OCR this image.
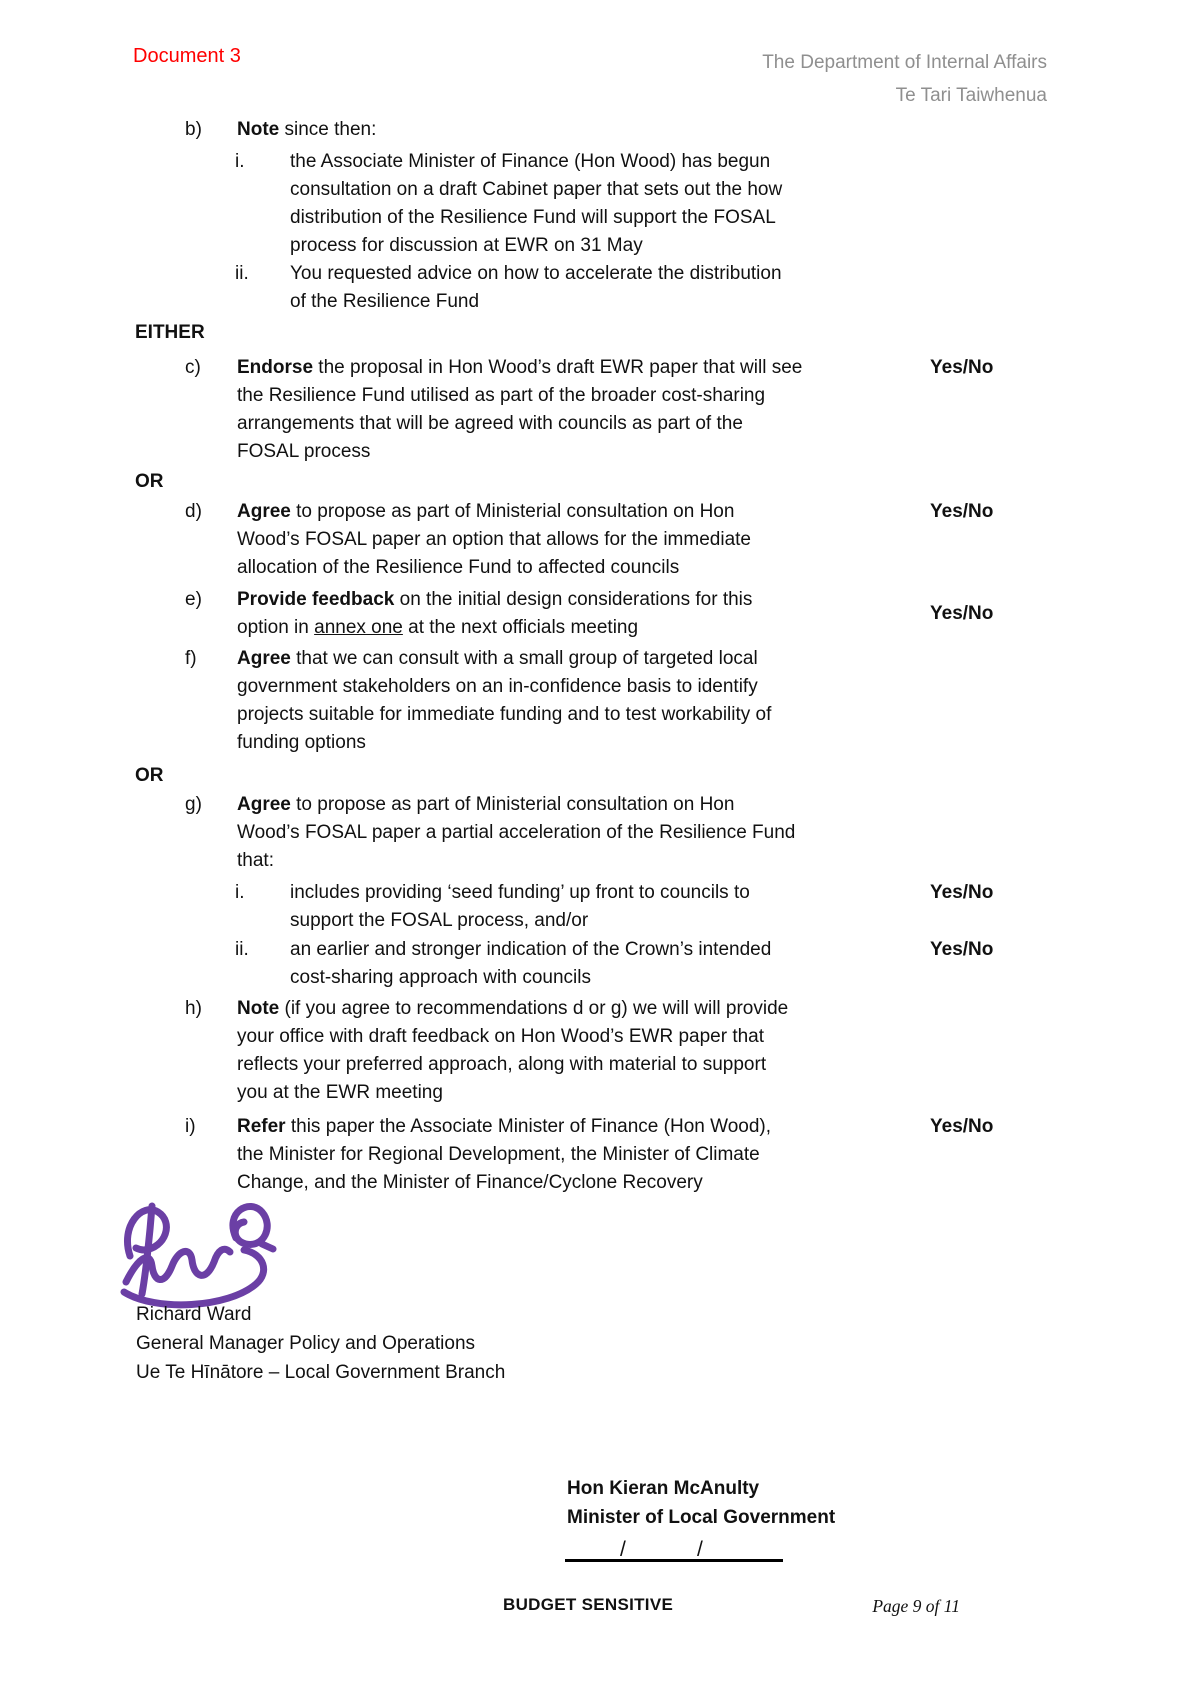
Document 3	The Department of Internal Affairs
Te Tari Taiwhenua
b) Note since then:
i. the Associate Minister of Finance (Hon Wood) has begun
consultation on a draft Cabinet paper that sets out the how
distribution of the Resilience Fund will support the FOSAL
process for discussion at EWR on 31 May
ii. You requested advice on how to accelerate the distribution
of the Resilience Fund
EITHER
c) Endorse the proposal in Hon Wood’s draft EWR paper that will see
the Resilience Fund utilised as part of the broader cost-sharing
arrangements that will be agreed with councils as part of the
FOSAL process
Yes/No
OR
d) Agree to propose as part of Ministerial consultation on Hon
Wood’s FOSAL paper an option that allows for the immediate
allocation of the Resilience Fund to affected councils
Yes/No
e) Provide feedback on the initial design considerations for this
option in annex one at the next officials meeting
Yes/No
f) Agree that we can consult with a small group of targeted local
government stakeholders on an in-confidence basis to identify
projects suitable for immediate funding and to test workability of
funding options
OR
g) Agree to propose as part of Ministerial consultation on Hon
Wood’s FOSAL paper a partial acceleration of the Resilience Fund
that:
i. includes providing ‘seed funding’ up front to councils to
support the FOSAL process, and/or
Yes/No
ii. an earlier and stronger indication of the Crown’s intended
cost-sharing approach with councils
Yes/No
h) Note (if you agree to recommendations d or g) we will will provide
your office with draft feedback on Hon Wood’s EWR paper that
reflects your preferred approach, along with material to support
you at the EWR meeting
i) Refer this paper the Associate Minister of Finance (Hon Wood),
the Minister for Regional Development, the Minister of Climate
Change, and the Minister of Finance/Cyclone Recovery
Yes/No
Richard Ward
General Manager Policy and Operations
Ue Te Hīnātore – Local Government Branch
Hon Kieran McAnulty
Minister of Local Government
/	/
BUDGET SENSITIVE	Page 9 of 11
